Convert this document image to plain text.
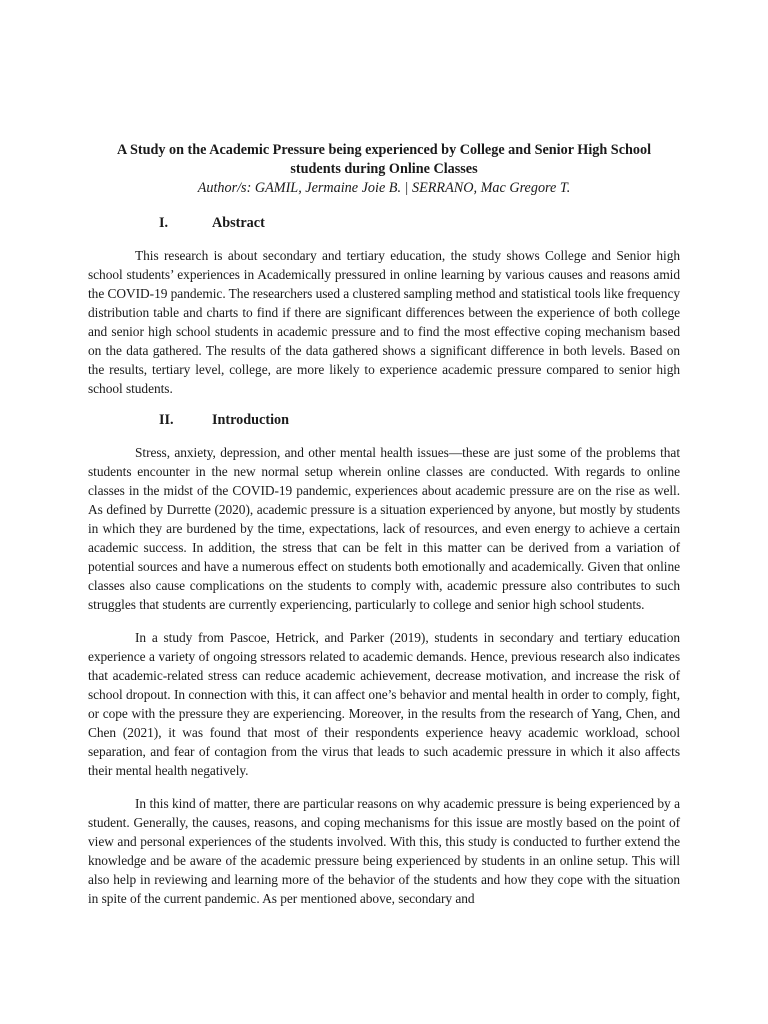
A Study on the Academic Pressure being experienced by College and Senior High School students during Online Classes

Author/s: GAMIL, Jermaine Joie B. | SERRANO, Mac Gregore T.

I.	Abstract

This research is about secondary and tertiary education, the study shows College and Senior high school students’ experiences in Academically pressured in online learning by various causes and reasons amid the COVID-19 pandemic. The researchers used a clustered sampling method and statistical tools like frequency distribution table and charts to find if there are significant differences between the experience of both college and senior high school students in academic pressure and to find the most effective coping mechanism based on the data gathered. The results of the data gathered shows a significant difference in both levels. Based on the results, tertiary level, college, are more likely to experience academic pressure compared to senior high school students.

II.	Introduction

Stress, anxiety, depression, and other mental health issues—these are just some of the problems that students encounter in the new normal setup wherein online classes are conducted. With regards to online classes in the midst of the COVID-19 pandemic, experiences about academic pressure are on the rise as well. As defined by Durrette (2020), academic pressure is a situation experienced by anyone, but mostly by students in which they are burdened by the time, expectations, lack of resources, and even energy to achieve a certain academic success. In addition, the stress that can be felt in this matter can be derived from a variation of potential sources and have a numerous effect on students both emotionally and academically. Given that online classes also cause complications on the students to comply with, academic pressure also contributes to such struggles that students are currently experiencing, particularly to college and senior high school students.

In a study from Pascoe, Hetrick, and Parker (2019), students in secondary and tertiary education experience a variety of ongoing stressors related to academic demands. Hence, previous research also indicates that academic-related stress can reduce academic achievement, decrease motivation, and increase the risk of school dropout. In connection with this, it can affect one’s behavior and mental health in order to comply, fight, or cope with the pressure they are experiencing. Moreover, in the results from the research of Yang, Chen, and Chen (2021), it was found that most of their respondents experience heavy academic workload, school separation, and fear of contagion from the virus that leads to such academic pressure in which it also affects their mental health negatively.

In this kind of matter, there are particular reasons on why academic pressure is being experienced by a student. Generally, the causes, reasons, and coping mechanisms for this issue are mostly based on the point of view and personal experiences of the students involved. With this, this study is conducted to further extend the knowledge and be aware of the academic pressure being experienced by students in an online setup. This will also help in reviewing and learning more of the behavior of the students and how they cope with the situation in spite of the current pandemic. As per mentioned above, secondary and
